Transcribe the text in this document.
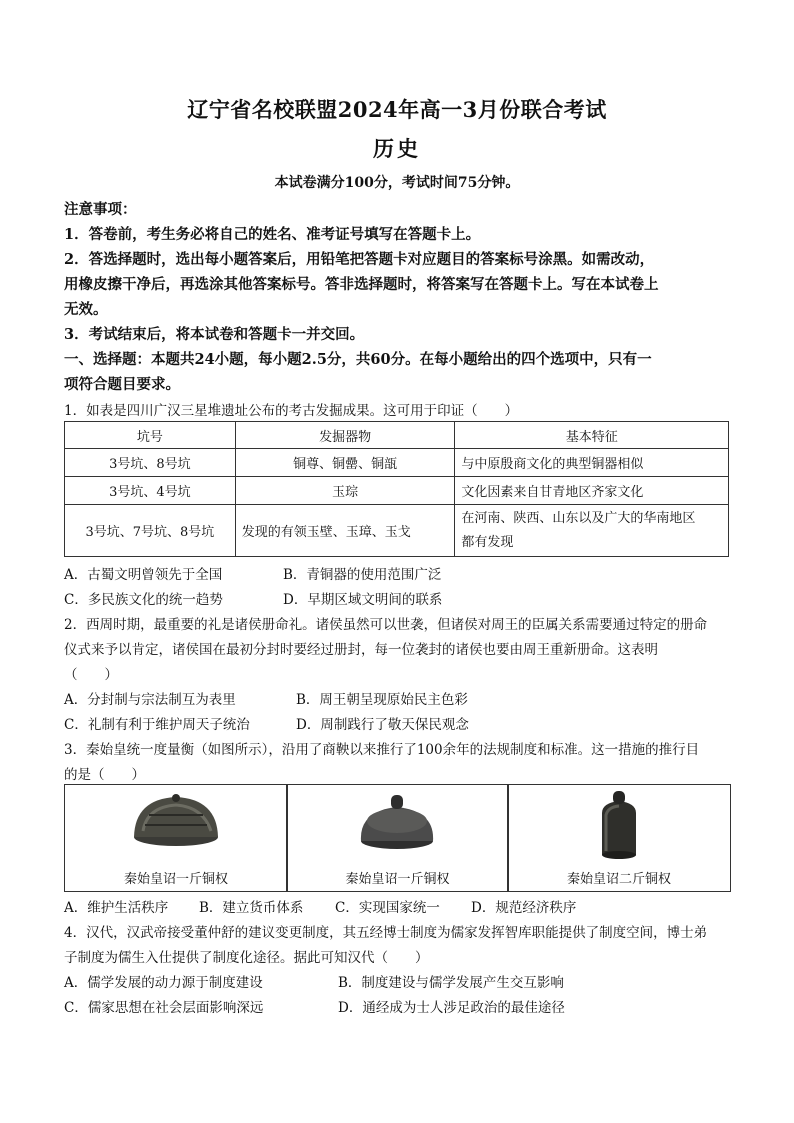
辽宁省名校联盟2024年高一3月份联合考试
历史
本试卷满分100分，考试时间75分钟。
注意事项：
1．答卷前，考生务必将自己的姓名、准考证号填写在答题卡上。
2．答选择题时，选出每小题答案后，用铅笔把答题卡对应题目的答案标号涂黑。如需改动，
用橡皮擦干净后，再选涂其他答案标号。答非选择题时，将答案写在答题卡上。写在本试卷上
无效。
3．考试结束后，将本试卷和答题卡一并交回。
一、选择题：本题共24小题，每小题2.5分，共60分。在每小题给出的四个选项中，只有一
项符合题目要求。
1．如表是四川广汉三星堆遗址公布的考古发掘成果。这可用于印证（　　）
坑号	发掘器物	基本特征
3号坑、8号坑	铜尊、铜罍、铜瓿	与中原殷商文化的典型铜器相似
3号坑、4号坑	玉琮	文化因素来自甘青地区齐家文化
3号坑、7号坑、8号坑	发现的有领玉壁、玉璋、玉戈	在河南、陕西、山东以及广大的华南地区
都有发现
A．古蜀文明曾领先于全国	B．青铜器的使用范围广泛
C．多民族文化的统一趋势	D．早期区域文明间的联系
2．西周时期，最重要的礼是诸侯册命礼。诸侯虽然可以世袭，但诸侯对周王的臣属关系需要通过特定的册命
仪式来予以肯定，诸侯国在最初分封时要经过册封，每一位袭封的诸侯也要由周王重新册命。这表明
（　　）
A．分封制与宗法制互为表里	B．周王朝呈现原始民主色彩
C．礼制有利于维护周天子统治	D．周制践行了敬天保民观念
3．秦始皇统一度量衡（如图所示），沿用了商鞅以来推行了100余年的法规制度和标准。这一措施的推行目
的是（　　）
秦始皇诏一斤铜权	秦始皇诏一斤铜权	秦始皇诏二斤铜权
A．维护生活秩序 B．建立货币体系 C．实现国家统一 D．规范经济秩序
4．汉代，汉武帝接受董仲舒的建议变更制度，其五经博士制度为儒家发挥智库职能提供了制度空间，博士弟
子制度为儒生入仕提供了制度化途径。据此可知汉代（　　）
A．儒学发展的动力源于制度建设	B．制度建设与儒学发展产生交互影响
C．儒家思想在社会层面影响深远	D．通经成为士人涉足政治的最佳途径
